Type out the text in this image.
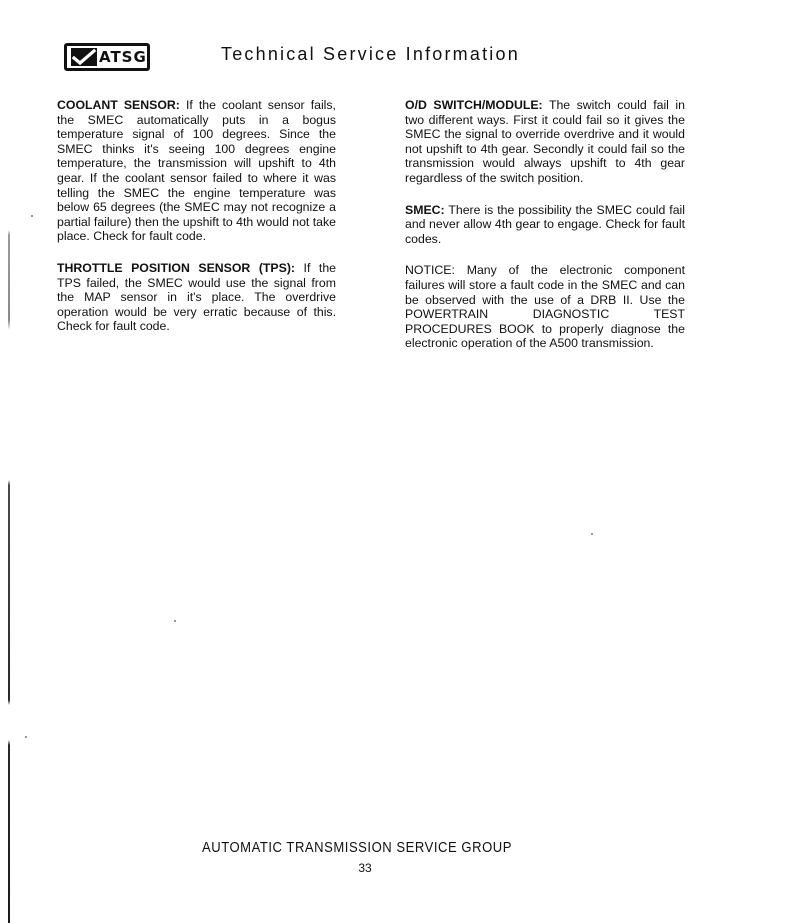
ATSG	Technical Service Information

COOLANT SENSOR: If the coolant sensor fails, the SMEC automatically puts in a bogus temperature signal of 100 degrees. Since the SMEC thinks it's seeing 100 degrees engine temperature, the transmission will upshift to 4th gear. If the coolant sensor failed to where it was telling the SMEC the engine temperature was below 65 degrees (the SMEC may not recognize a partial failure) then the upshift to 4th would not take place. Check for fault code.

THROTTLE POSITION SENSOR (TPS): If the TPS failed, the SMEC would use the signal from the MAP sensor in it's place. The overdrive operation would be very erratic because of this. Check for fault code.

O/D SWITCH/MODULE: The switch could fail in two different ways. First it could fail so it gives the SMEC the signal to override overdrive and it would not upshift to 4th gear. Secondly it could fail so the transmission would always upshift to 4th gear regardless of the switch position.

SMEC: There is the possibility the SMEC could fail and never allow 4th gear to engage. Check for fault codes.

NOTICE: Many of the electronic component failures will store a fault code in the SMEC and can be observed with the use of a DRB II. Use the POWERTRAIN DIAGNOSTIC TEST PROCEDURES BOOK to properly diagnose the electronic operation of the A500 transmission.

AUTOMATIC TRANSMISSION SERVICE GROUP
33
